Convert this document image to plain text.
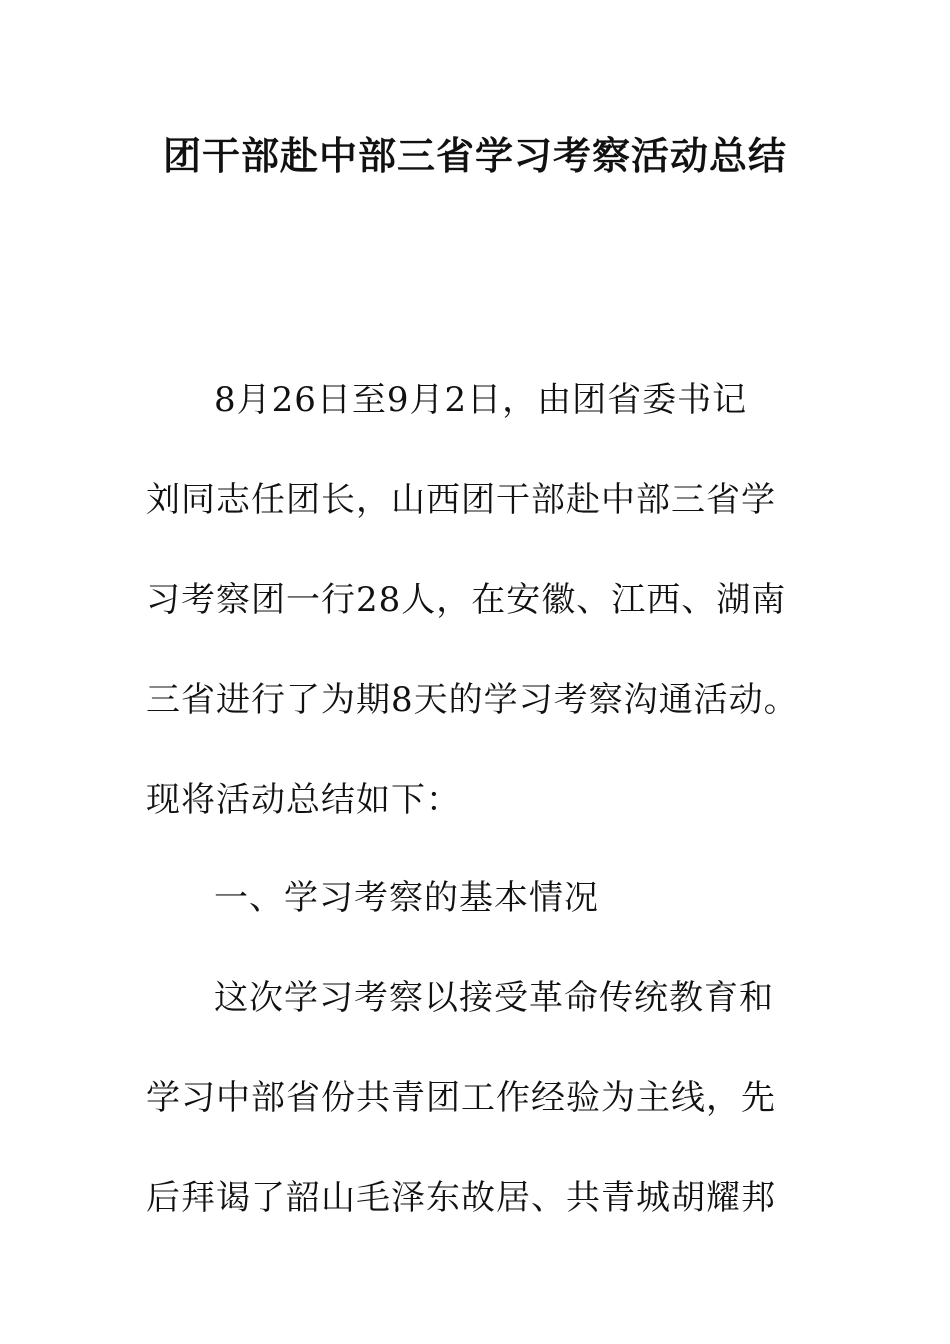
团干部赴中部三省学习考察活动总结

8月26日至9月2日，由团省委书记

刘同志任团长，山西团干部赴中部三省学

习考察团一行28人，在安徽、江西、湖南

三省进行了为期8天的学习考察沟通活动。

现将活动总结如下：

一、学习考察的基本情况

这次学习考察以接受革命传统教育和

学习中部省份共青团工作经验为主线，先

后拜谒了韶山毛泽东故居、共青城胡耀邦
